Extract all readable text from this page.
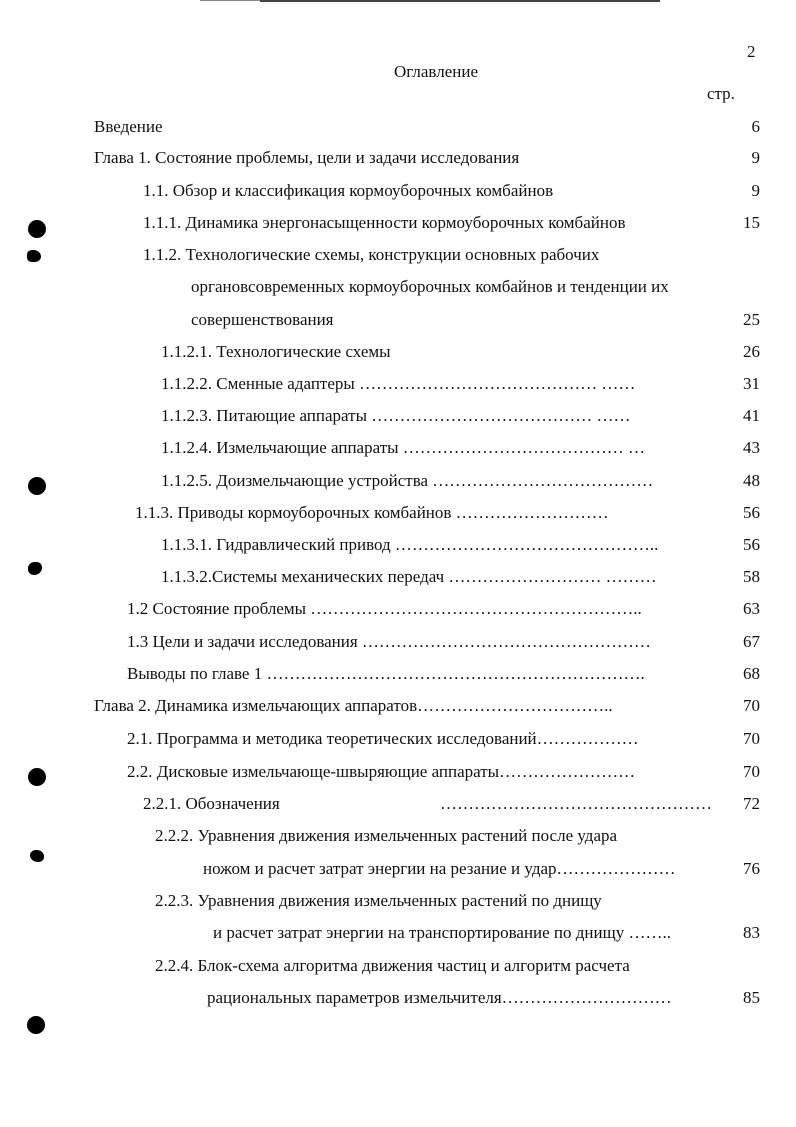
2
Оглавление
стр.
Введение	6
Глава 1. Состояние проблемы, цели и задачи исследования	9
1.1. Обзор и классификация кормоуборочных комбайнов	9
1.1.1. Динамика энергонасыщенности кормоуборочных комбайнов	15
1.1.2. Технологические схемы, конструкции основных рабочих
органовсовременных кормоуборочных комбайнов и тенденции их
совершенствования	25
1.1.2.1. Технологические схемы	26
1.1.2.2. Сменные адаптеры …………………………………… ……	31
1.1.2.3. Питающие аппараты ………………………………… ……	41
1.1.2.4. Измельчающие аппараты ………………………………… …	43
1.1.2.5. Доизмельчающие устройства …………………………………	48
1.1.3. Приводы кормоуборочных комбайнов ………………………	56
1.1.3.1. Гидравлический привод ………………………………………..	56
1.1.3.2.Системы механических передач ……………………… ………	58
1.2 Состояние проблемы …………………………………………………..	63
1.3 Цели и задачи исследования ……………………………………………	67
Выводы по главе 1 ………………………………………………………….	68
Глава 2. Динамика измельчающих аппаратов……………………………..	70
2.1. Программа и методика теоретических исследований………………	70
2.2. Дисковые измельчающе-швыряющие аппараты……………………	70
2.2.1. Обозначения	………………………………………… 72
2.2.2. Уравнения движения измельченных растений после удара
ножом и расчет затрат энергии на резание и удар…………………	76
2.2.3. Уравнения движения измельченных растений по днищу
и расчет затрат энергии на транспортирование по днищу ……..	83
2.2.4. Блок-схема алгоритма движения частиц и алгоритм расчета
рациональных параметров измельчителя…………………………	85
